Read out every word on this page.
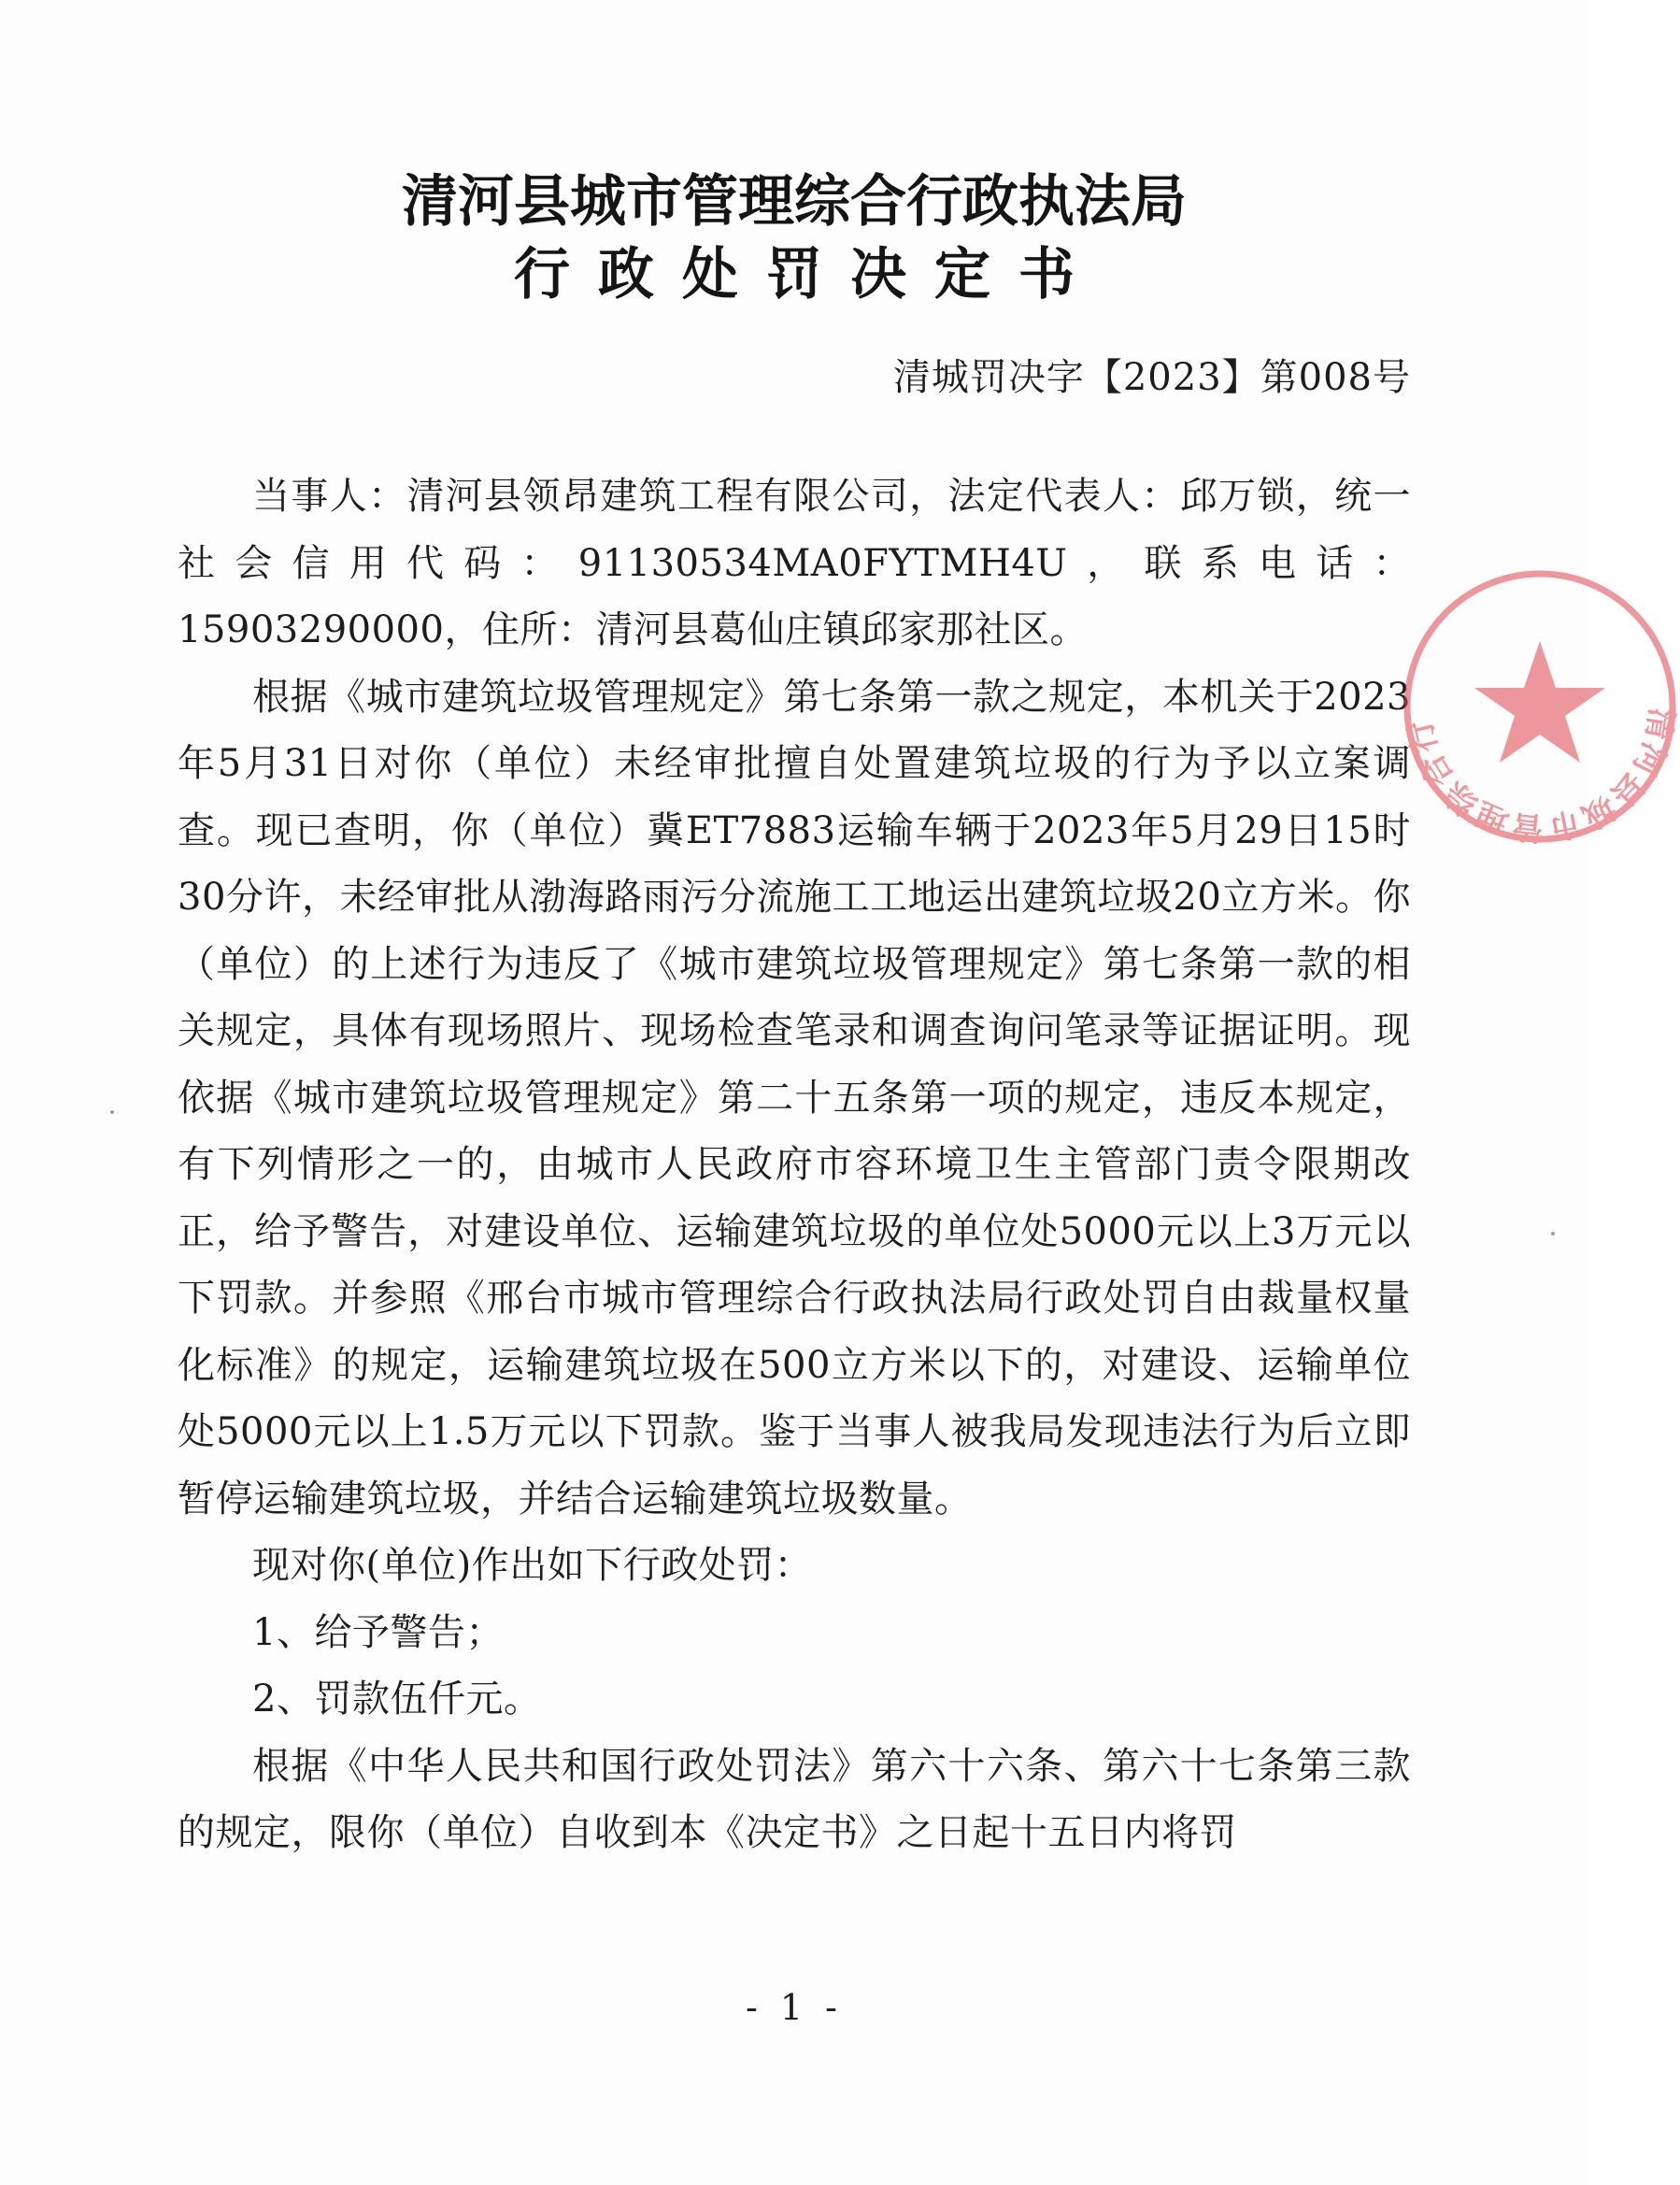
清河县城市管理综合行政执法局
行政处罚决定书
清城罚决字【2023】第008号

当事人：清河县领昂建筑工程有限公司，法定代表人：邱万锁，统一社会信用代码：91130534MA0FYTMH4U，联系电话：15903290000，住所：清河县葛仙庄镇邱家那社区。

根据《城市建筑垃圾管理规定》第七条第一款之规定，本机关于2023年5月31日对你（单位）未经审批擅自处置建筑垃圾的行为予以立案调查。现已查明，你（单位）冀ET7883运输车辆于2023年5月29日15时30分许，未经审批从渤海路雨污分流施工工地运出建筑垃圾20立方米。你（单位）的上述行为违反了《城市建筑垃圾管理规定》第七条第一款的相关规定，具体有现场照片、现场检查笔录和调查询问笔录等证据证明。现依据《城市建筑垃圾管理规定》第二十五条第一项的规定，违反本规定，有下列情形之一的，由城市人民政府市容环境卫生主管部门责令限期改正，给予警告，对建设单位、运输建筑垃圾的单位处5000元以上3万元以下罚款。并参照《邢台市城市管理综合行政执法局行政处罚自由裁量权量化标准》的规定，运输建筑垃圾在500立方米以下的，对建设、运输单位处5000元以上1.5万元以下罚款。鉴于当事人被我局发现违法行为后立即暂停运输建筑垃圾，并结合运输建筑垃圾数量。

现对你(单位)作出如下行政处罚：

1、给予警告；

2、罚款伍仟元。

根据《中华人民共和国行政处罚法》第六十六条、第六十七条第三款的规定，限你（单位）自收到本《决定书》之日起十五日内将罚

清河县城市管理综合行
- 1 -
